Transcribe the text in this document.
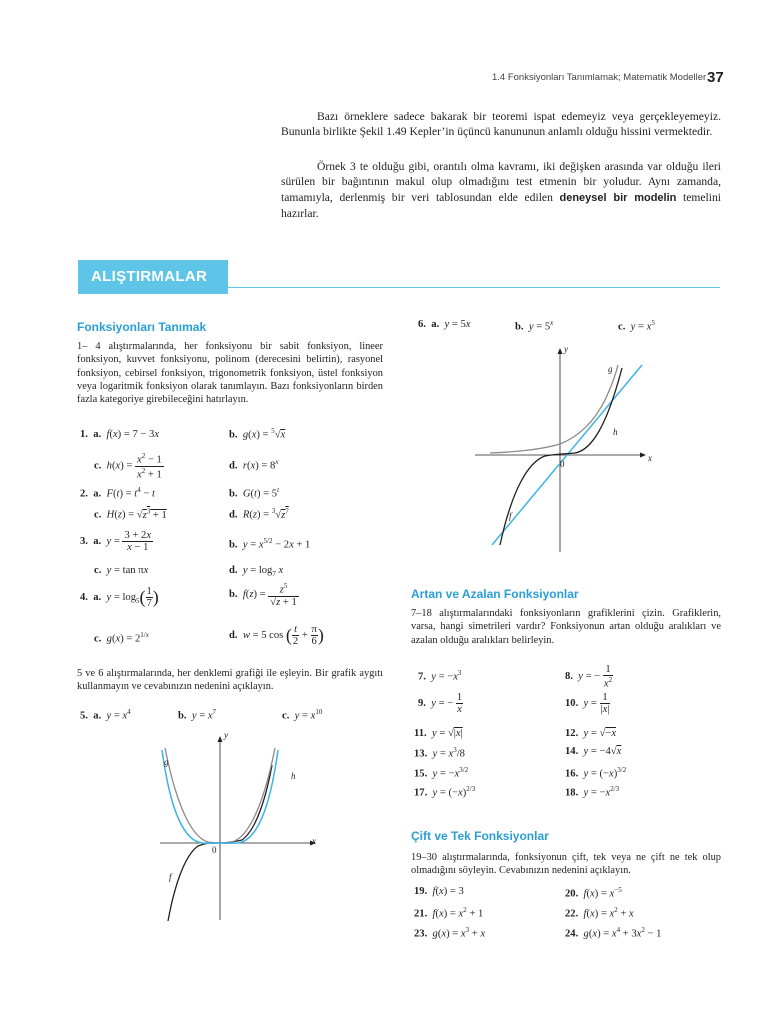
1.4 Fonksiyonları Tanımlamak; Matematik Modeller 37
Bazı örneklere sadece bakarak bir teoremi ispat edemeyiz veya gerçekleyemeyiz. Bununla birlikte Şekil 1.49 Kepler’in üçüncü kanununun anlamlı olduğu hissini vermektedir.
Örnek 3 te olduğu gibi, orantılı olma kavramı, iki değişken arasında var olduğu ileri sürülen bir bağıntının makul olup olmadığını test etmenin bir yoludur. Aynı zamanda, tamamıyla, derlenmiş bir veri tablosundan elde edilen deneysel bir modelin temelini hazırlar.
ALIŞTIRMALAR 1.4
Fonksiyonları Tanımak
1– 4 alıştırmalarında, her fonksiyonu bir sabit fonksiyon, lineer fonksiyon, kuvvet fonksiyonu, polinom (derecesini belirtin), rasyonel fonksiyon, cebirsel fonksiyon, trigonometrik fonksiyon, üstel fonksiyon veya logaritmik fonksiyon olarak tanımlayın. Bazı fonksiyonların birden fazla kategoriye girebileceğini hatırlayın.
1.  a. f(x) = 7 − 3x	b. g(x) = $^5$√x
c. $h(x) = \frac{x^2 - 1}{x^2 + 1}$	d. $r(x) = 8^x$
2.  a. $F(t) = t^4 - t$	b. $G(t) = 5^t$
c. $H(z) = √z^3 + 1$	d. $R(z) = ^3√z^7$
3.  a. $y = \frac{3 + 2x}{x - 1}$	b. $y = x^{5/2} - 2x + 1$
c. y = tan πx	d. $y = \log_7 x$
4.  a. $y = \log_5( \frac{1}{7}$ )	b. $f(z) = \frac{z^5}{√z + 1}$
c. $g(x) = 2^{1/x}$	d. w = 5 cos ( $\frac{t}{2} + \frac{\pi}{6}$ )
5 ve 6 alıştırmalarında, her denklemi grafiği ile eşleyin. Bir grafik aygıtı kullanmayın ve cevabınızın nedenini açıklayın.
5.  a. $y = x^4$	b. $y = x^7$	c. $y = x^{10}$
y
x
0
g
h
f
6.  a. y = 5x	b. $y = 5^x$	c. $y = x^5$
y
x
0
g
h
f
Artan ve Azalan Fonksiyonlar
7–18 alıştırmalarındaki fonksiyonların grafiklerini çizin. Grafiklerin, varsa, hangi simetrileri vardır? Fonksiyonun artan olduğu aralıkları ve azalan olduğu aralıkları belirleyin.
7. $y = -x^3$	8. y = − $\frac{1}{x^2}$
9. y = − $\frac{1}{x}$	10. $y = \frac{1}{|x|}$
11. y = √|x|	12. y = √−x
13. $y = x^3/8$	14. y = −4√x
15. $y = -x^{3/2}$	16. $y = (-x)^{3/2}$
17. $y = (-x)^{2/3}$	18. $y = -x^{2/3}$
Çift ve Tek Fonksiyonlar
19–30 alıştırmalarında, fonksiyonun çift, tek veya ne çift ne tek olup olmadığını söyleyin. Cevabınızın nedenini açıklayın.
19. f(x) = 3	20. $f(x) = x^{-5}$
21. $f(x) = x^2 + 1$	22. $f(x) = x^2 + x$
23. $g(x) = x^3 + x$	24. $g(x) = x^4 + 3x^2 - 1$
